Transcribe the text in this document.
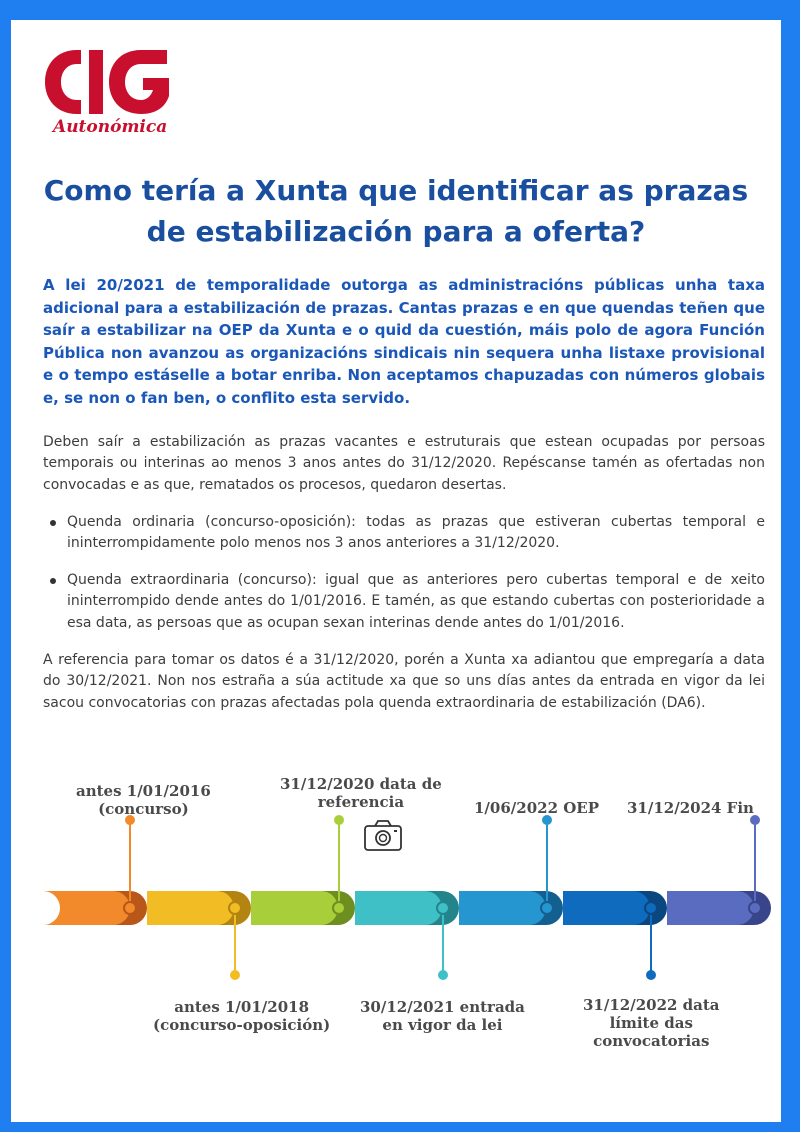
Autonómica
Como tería a Xunta que identificar as prazas de estabilización para a oferta?
A lei 20/2021 de temporalidade outorga as administracións públicas unha taxa adicional para a estabilización de prazas. Cantas prazas e en que quendas teñen que saír a estabilizar na OEP da Xunta e o quid da cuestión, máis polo de agora Función Pública non avanzou as organizacións sindicais nin sequera unha listaxe provisional e o tempo estáselle a botar enriba. Non aceptamos chapuzadas con números globais e, se non o fan ben, o conflito esta servido.
Deben saír a estabilización as prazas vacantes e estruturais que estean ocupadas por persoas temporais ou interinas ao menos 3 anos antes do 31/12/2020. Repéscanse tamén as ofertadas non convocadas e as que, rematados os procesos, quedaron desertas.
Quenda ordinaria (concurso-oposición): todas as prazas que estiveran cubertas temporal e ininterrompidamente polo menos nos 3 anos anteriores a 31/12/2020.
Quenda extraordinaria (concurso): igual que as anteriores pero cubertas temporal e de xeito ininterrompido dende antes do 1/01/2016. E tamén, as que estando cubertas con posterioridade a esa data, as persoas que as ocupan sexan interinas dende antes do 1/01/2016.
A referencia para tomar os datos é a 31/12/2020, porén a Xunta xa adiantou que empregaría a data do 30/12/2021. Non nos estraña a súa actitude xa que so uns días antes da entrada en vigor da lei sacou convocatorias con prazas afectadas pola quenda extraordinaria de estabilización (DA6).
antes 1/01/2016
(concurso)
antes 1/01/2018
(concurso-oposición)
31/12/2020 data de
referencia
30/12/2021 entrada
en vigor da lei
1/06/2022 OEP
31/12/2022 data
límite das
convocatorias
31/12/2024 Fin
